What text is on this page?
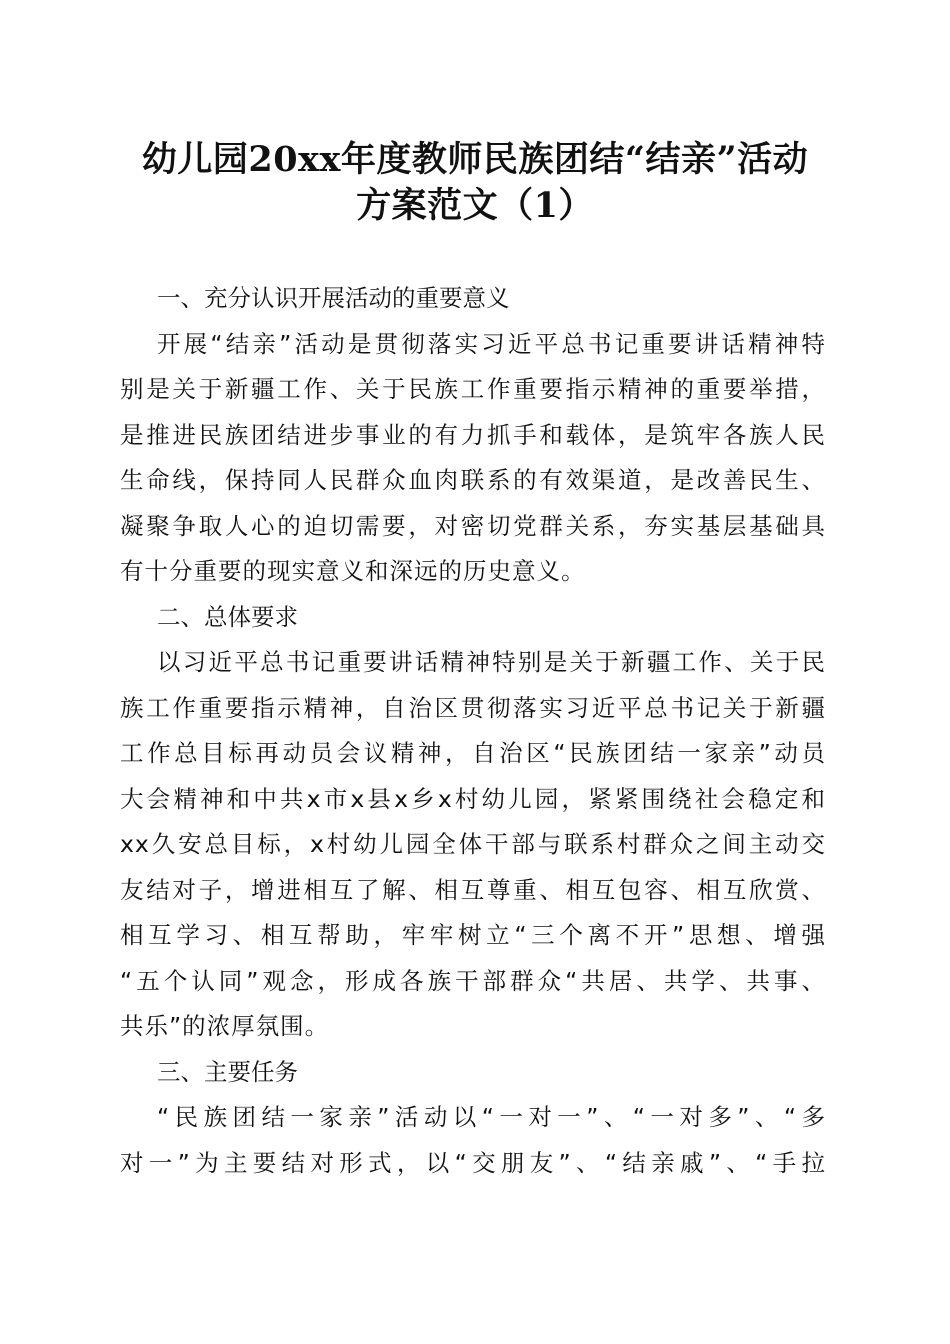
幼儿园20xx年度教师民族团结“结亲”活动
方案范文（1）
一、充分认识开展活动的重要意义
开展“结亲”活动是贯彻落实习近平总书记重要讲话精神特
别是关于新疆工作、关于民族工作重要指示精神的重要举措，
是推进民族团结进步事业的有力抓手和载体，是筑牢各族人民
生命线，保持同人民群众血肉联系的有效渠道，是改善民生、
凝聚争取人心的迫切需要，对密切党群关系，夯实基层基础具
有十分重要的现实意义和深远的历史意义。
二、总体要求
以习近平总书记重要讲话精神特别是关于新疆工作、关于民
族工作重要指示精神，自治区贯彻落实习近平总书记关于新疆
工作总目标再动员会议精神，自治区“民族团结一家亲”动员
大会精神和中共x市x县x乡x村幼儿园，紧紧围绕社会稳定和
xx久安总目标，x村幼儿园全体干部与联系村群众之间主动交
友结对子，增进相互了解、相互尊重、相互包容、相互欣赏、
相互学习、相互帮助，牢牢树立“三个离不开”思想、增强
“五个认同”观念，形成各族干部群众“共居、共学、共事、
共乐”的浓厚氛围。
三、主要任务
“民族团结一家亲”活动以“一对一”、“一对多”、“多
对一”为主要结对形式，以“交朋友”、“结亲戚”、“手拉
